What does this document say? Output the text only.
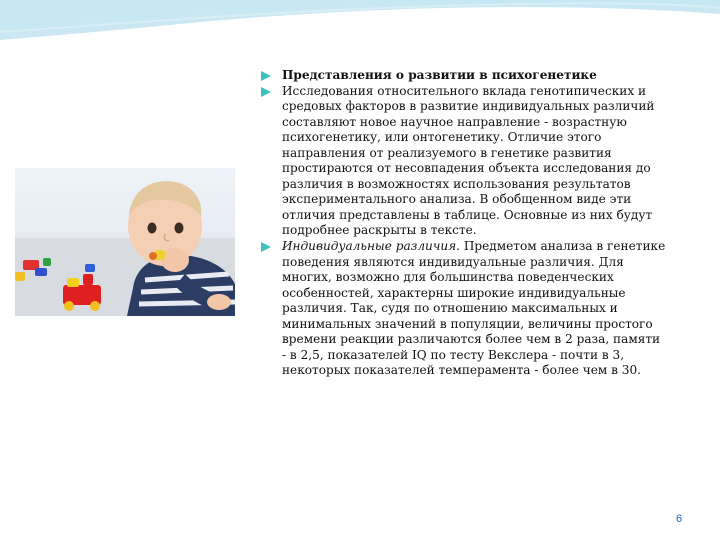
Представления о развитии в психогенетике
Исследования относительного вклада генотипических и средовых факторов в развитие индивидуальных различий составляют новое научное направление - возрастную психогенетику, или онтогенетику. Отличие этого направления от реализуемого в генетике развития простираются от несовпадения объекта исследования до различия в возможностях использования результатов экспериментального анализа. В обобщенном виде эти отличия представлены в таблице. Основные из них будут подробнее раскрыты в тексте.
Индивидуальные различия. Предметом анализа в генетике поведения являются индивидуальные различия. Для многих, возможно для большинства поведенческих особенностей, характерны широкие индивидуальные различия. Так, судя по отношению максимальных и минимальных значений в популяции, величины простого времени реакции различаются более чем в 2 раза, памяти - в 2,5, показателей IQ по тесту Векслера - почти в 3, некоторых показателей темперамента - более чем в 30.
6
